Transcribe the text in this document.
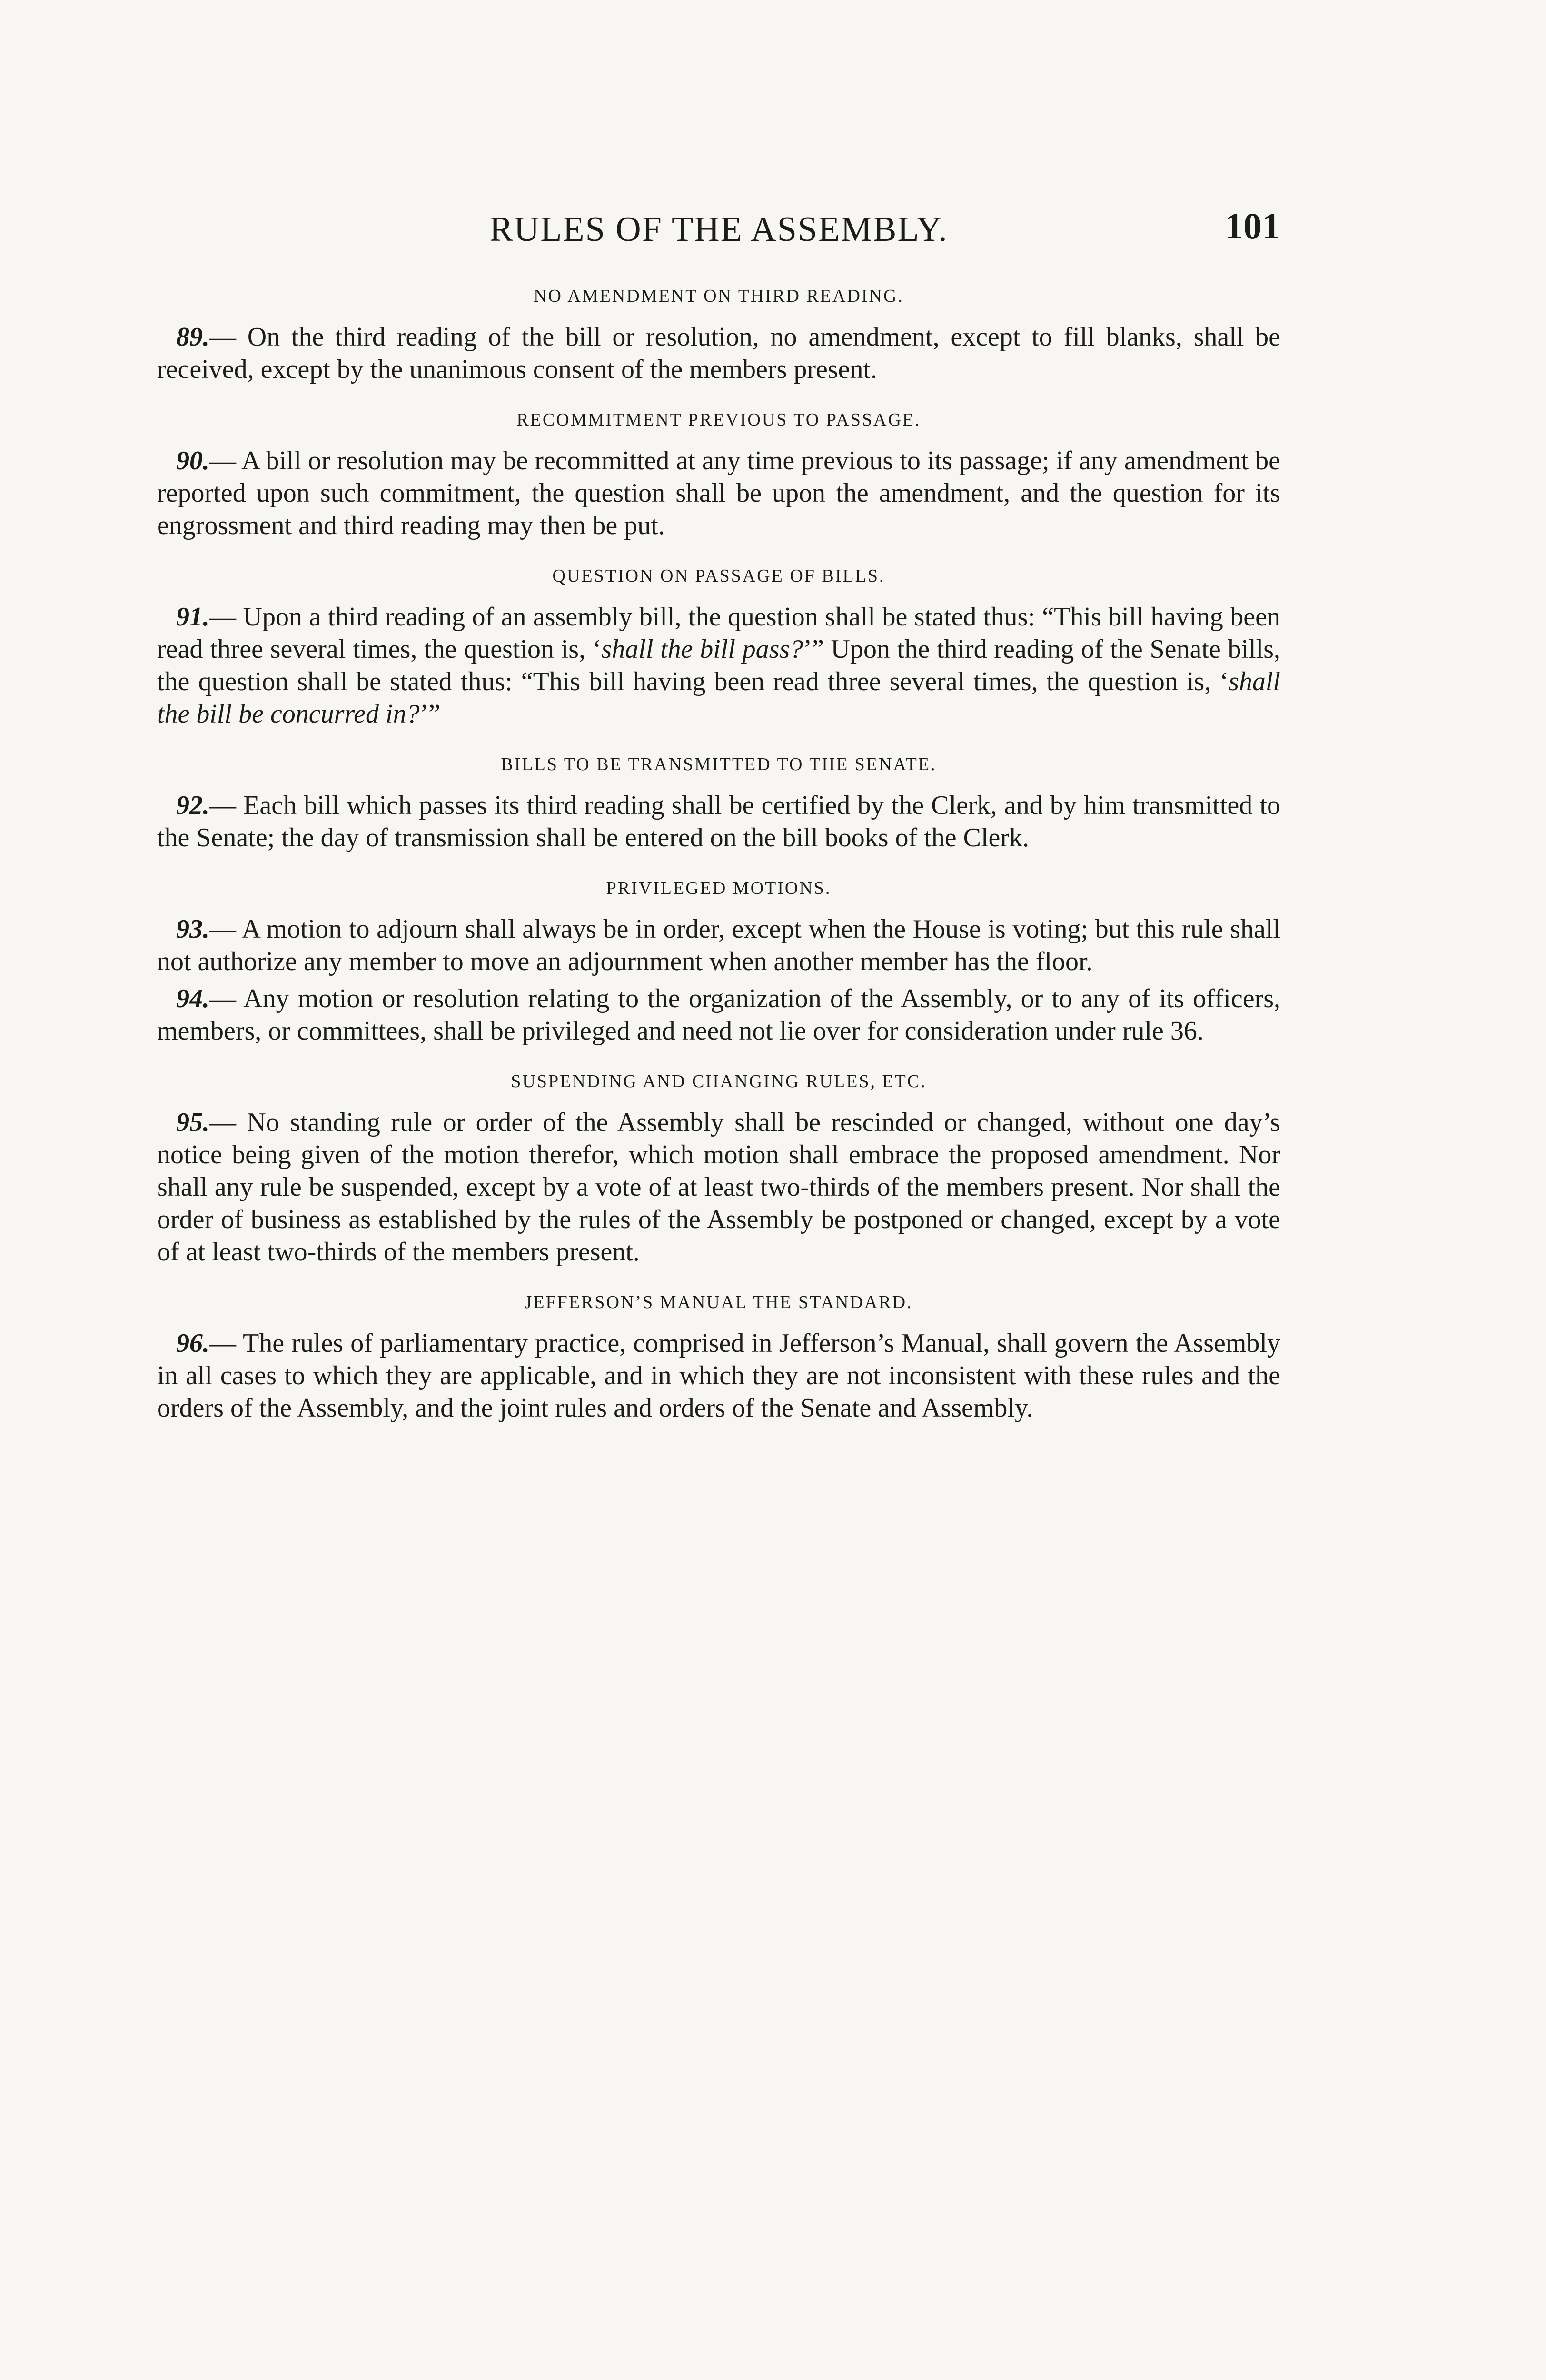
RULES OF THE ASSEMBLY.	101
NO AMENDMENT ON THIRD READING.

89.— On the third reading of the bill or resolution, no amendment, except to fill blanks, shall be received, except by the unanimous consent of the members present.

RECOMMITMENT PREVIOUS TO PASSAGE.

90.— A bill or resolution may be recommitted at any time previous to its passage; if any amendment be reported upon such commitment, the question shall be upon the amendment, and the question for its engrossment and third reading may then be put.

QUESTION ON PASSAGE OF BILLS.

91.— Upon a third reading of an assembly bill, the question shall be stated thus: “This bill having been read three several times, the question is, ‘shall the bill pass?’” Upon the third reading of the Senate bills, the question shall be stated thus: “This bill having been read three several times, the question is, ‘shall the bill be concurred in?’”

BILLS TO BE TRANSMITTED TO THE SENATE.

92.— Each bill which passes its third reading shall be certified by the Clerk, and by him transmitted to the Senate; the day of transmission shall be entered on the bill books of the Clerk.

PRIVILEGED MOTIONS.

93.— A motion to adjourn shall always be in order, except when the House is voting; but this rule shall not authorize any member to move an adjournment when another member has the floor.

94.— Any motion or resolution relating to the organization of the Assembly, or to any of its officers, members, or committees, shall be privileged and need not lie over for consideration under rule 36.

SUSPENDING AND CHANGING RULES, ETC.

95.— No standing rule or order of the Assembly shall be rescinded or changed, without one day’s notice being given of the motion therefor, which motion shall embrace the proposed amendment. Nor shall any rule be suspended, except by a vote of at least two-thirds of the members present. Nor shall the order of business as established by the rules of the Assembly be postponed or changed, except by a vote of at least two-thirds of the members present.

JEFFERSON’S MANUAL THE STANDARD.

96.— The rules of parliamentary practice, comprised in Jefferson’s Manual, shall govern the Assembly in all cases to which they are applicable, and in which they are not inconsistent with these rules and the orders of the Assembly, and the joint rules and orders of the Senate and Assembly.
